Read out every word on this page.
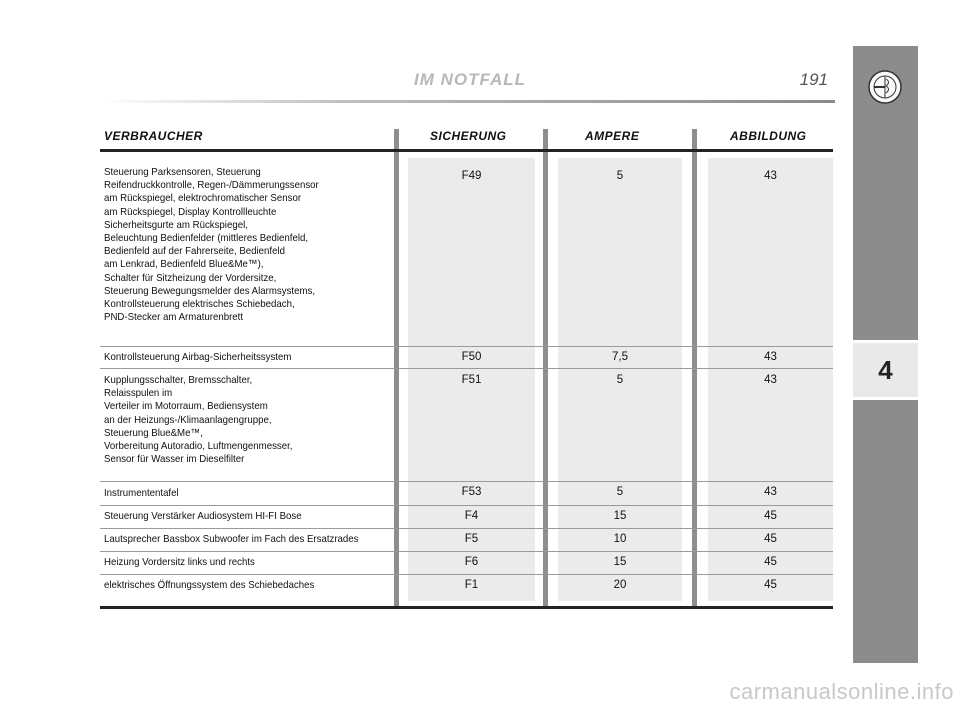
IM NOTFALL	191
4
VERBRAUCHER	SICHERUNG	AMPERE	ABBILDUNG
Steuerung Parksensoren, Steuerung
Reifendruckkontrolle, Regen-/Dämmerungssensor
am Rückspiegel, elektrochromatischer Sensor
am Rückspiegel, Display Kontrollleuchte
Sicherheitsgurte am Rückspiegel,
Beleuchtung Bedienfelder (mittleres Bedienfeld,
Bedienfeld auf der Fahrerseite, Bedienfeld
am Lenkrad, Bedienfeld Blue&Me™),
Schalter für Sitzheizung der Vordersitze,
Steuerung Bewegungsmelder des Alarmsystems,
Kontrollsteuerung elektrisches Schiebedach,
PND-Stecker am Armaturenbrett
F49	5	43
Kontrollsteuerung Airbag-Sicherheitssystem	F50	7,5	43
Kupplungsschalter, Bremsschalter,
Relaisspulen im
Verteiler im Motorraum, Bediensystem
an der Heizungs-/Klimaanlagengruppe,
Steuerung Blue&Me™,
Vorbereitung Autoradio, Luftmengenmesser,
Sensor für Wasser im Dieselfilter
F51	5	43
Instrumententafel	F53	5	43
Steuerung Verstärker Audiosystem HI-FI Bose	F4	15	45
Lautsprecher Bassbox Subwoofer im Fach des Ersatzrades	F5	10	45
Heizung Vordersitz links und rechts	F6	15	45
elektrisches Öffnungssystem des Schiebedaches	F1	20	45
carmanualsonline.info
